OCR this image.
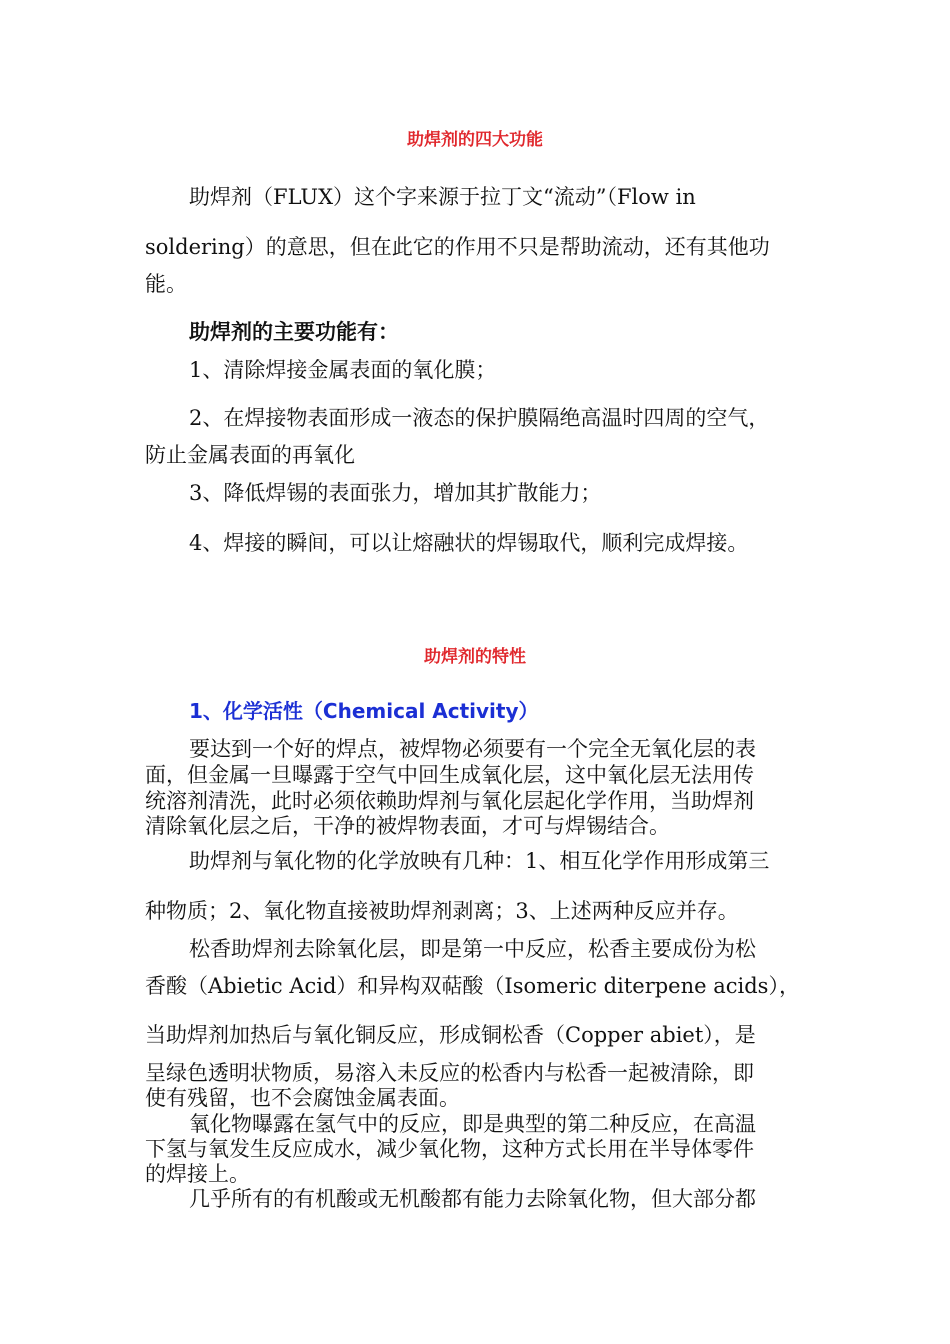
助焊剂的四大功能
助焊剂（FLUX）这个字来源于拉丁文“流动”（Flow in
soldering）的意思，但在此它的作用不只是帮助流动，还有其他功
能。
助焊剂的主要功能有：
1、清除焊接金属表面的氧化膜；
2、在焊接物表面形成一液态的保护膜隔绝高温时四周的空气，
防止金属表面的再氧化
3、降低焊锡的表面张力，增加其扩散能力；
4、焊接的瞬间，可以让熔融状的焊锡取代，顺利完成焊接。
助焊剂的特性
1、化学活性（Chemical Activity）
要达到一个好的焊点，被焊物必须要有一个完全无氧化层的表
面，但金属一旦曝露于空气中回生成氧化层，这中氧化层无法用传
统溶剂清洗，此时必须依赖助焊剂与氧化层起化学作用，当助焊剂
清除氧化层之后，干净的被焊物表面，才可与焊锡结合。
助焊剂与氧化物的化学放映有几种：1、相互化学作用形成第三
种物质；2、氧化物直接被助焊剂剥离；3、上述两种反应并存。
松香助焊剂去除氧化层，即是第一中反应，松香主要成份为松
香酸（Abietic Acid）和异构双萜酸（Isomeric diterpene acids），
当助焊剂加热后与氧化铜反应，形成铜松香（Copper abiet），是
呈绿色透明状物质，易溶入未反应的松香内与松香一起被清除，即
使有残留，也不会腐蚀金属表面。
氧化物曝露在氢气中的反应，即是典型的第二种反应，在高温
下氢与氧发生反应成水，减少氧化物，这种方式长用在半导体零件
的焊接上。
几乎所有的有机酸或无机酸都有能力去除氧化物，但大部分都
